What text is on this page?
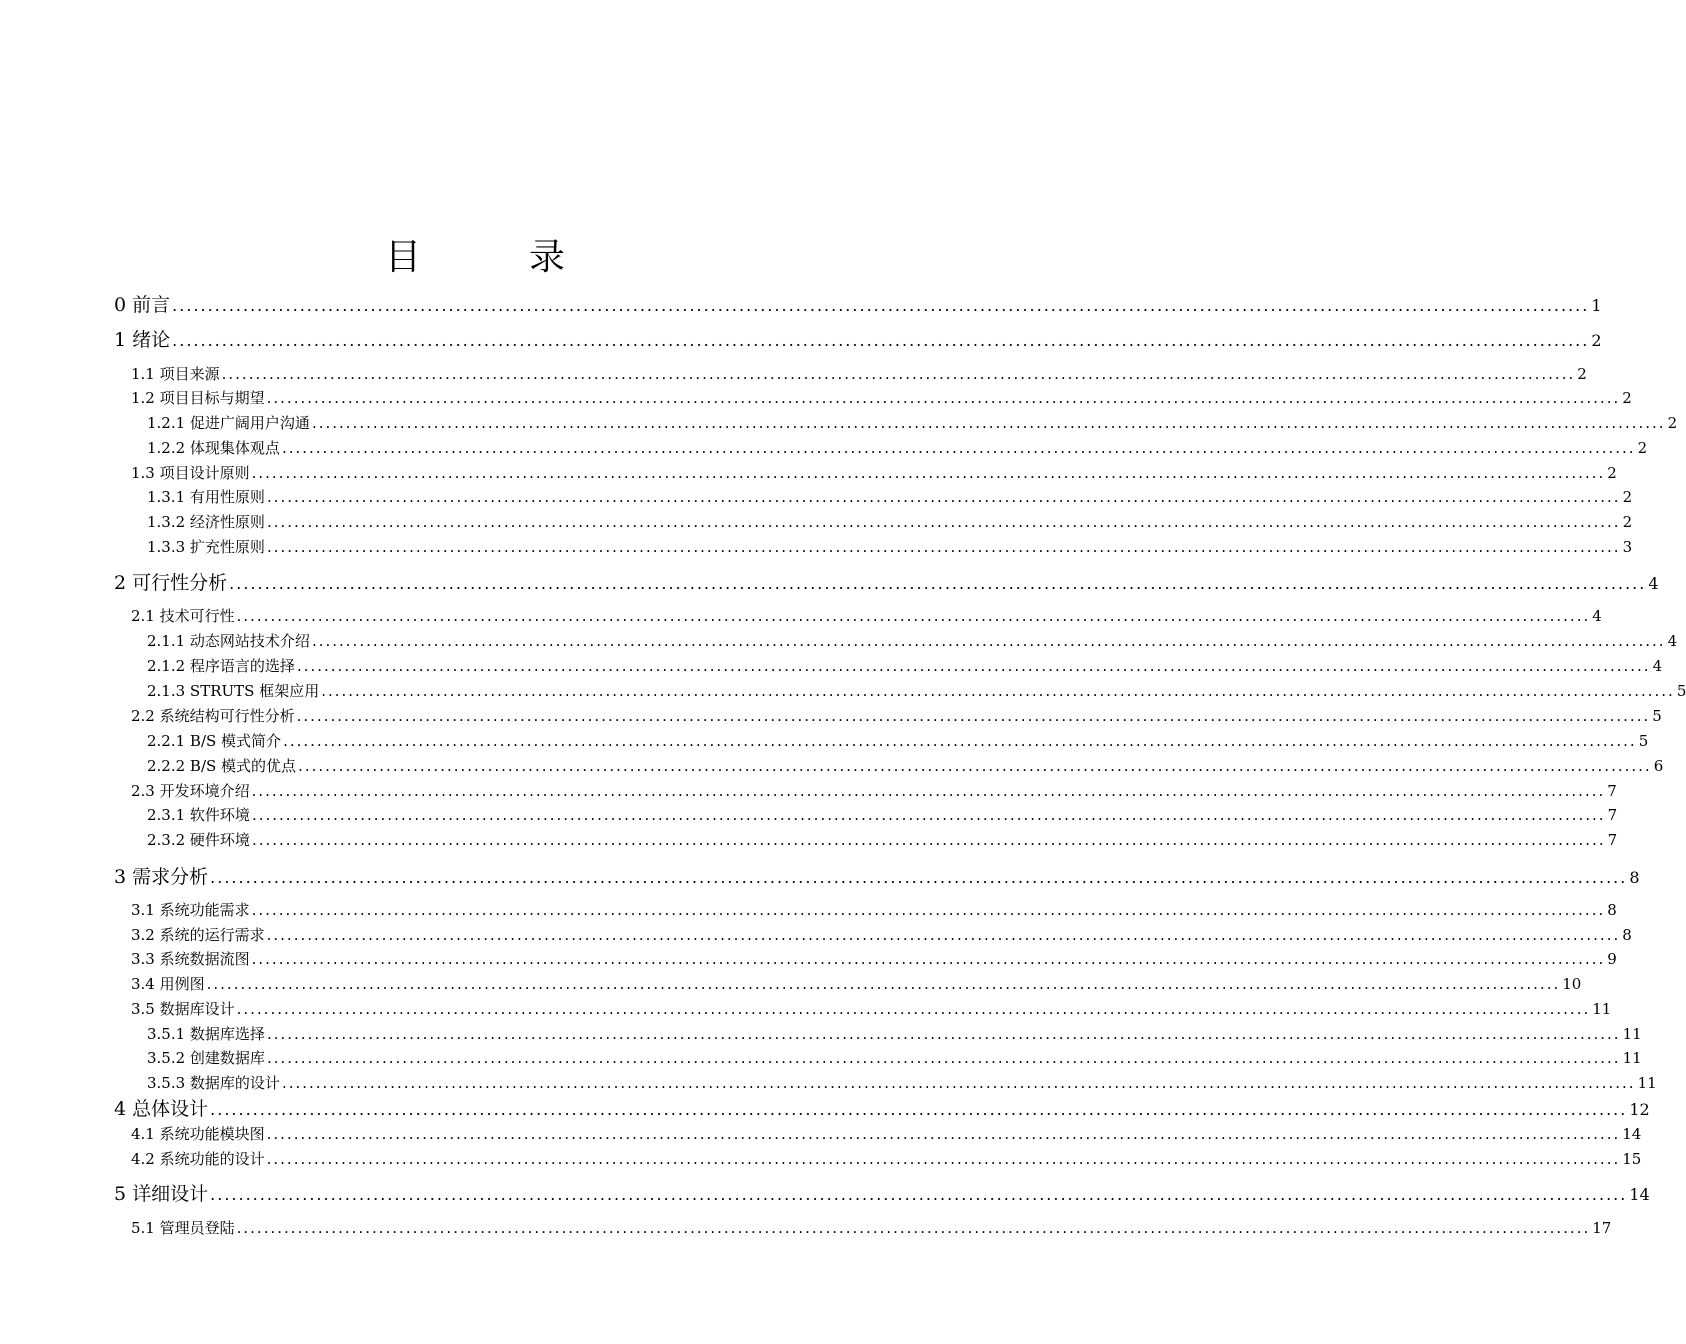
目　录
0 前言 ........................................................................................................................................................................................................ 1
1 绪论 ........................................................................................................................................................................................................ 2
1.1 项目来源 ........................................................................................................................................................................................................ 2
1.2 项目目标与期望 ........................................................................................................................................................................................................ 2
1.2.1 促进广阔用户沟通 ........................................................................................................................................................................................................ 2
1.2.2 体现集体观点 ........................................................................................................................................................................................................ 2
1.3 项目设计原则 ........................................................................................................................................................................................................ 2
1.3.1 有用性原则 ........................................................................................................................................................................................................ 2
1.3.2 经济性原则 ........................................................................................................................................................................................................ 2
1.3.3 扩充性原则 ........................................................................................................................................................................................................ 3
2 可行性分析 ........................................................................................................................................................................................................ 4
2.1 技术可行性 ........................................................................................................................................................................................................ 4
2.1.1 动态网站技术介绍 ........................................................................................................................................................................................................ 4
2.1.2 程序语言的选择 ........................................................................................................................................................................................................ 4
2.1.3 STRUTS 框架应用 ........................................................................................................................................................................................................ 5
2.2 系统结构可行性分析 ........................................................................................................................................................................................................ 5
2.2.1 B/S 模式简介 ........................................................................................................................................................................................................ 5
2.2.2 B/S 模式的优点 ........................................................................................................................................................................................................ 6
2.3 开发环境介绍 ........................................................................................................................................................................................................ 7
2.3.1 软件环境 ........................................................................................................................................................................................................ 7
2.3.2 硬件环境 ........................................................................................................................................................................................................ 7
3 需求分析 ........................................................................................................................................................................................................ 8
3.1 系统功能需求 ........................................................................................................................................................................................................ 8
3.2 系统的运行需求 ........................................................................................................................................................................................................ 8
3.3 系统数据流图 ........................................................................................................................................................................................................ 9
3.4 用例图 ........................................................................................................................................................................................................ 10
3.5 数据库设计 ........................................................................................................................................................................................................ 11
3.5.1 数据库选择 ........................................................................................................................................................................................................ 11
3.5.2 创建数据库 ........................................................................................................................................................................................................ 11
3.5.3 数据库的设计 ........................................................................................................................................................................................................ 11
4 总体设计 ........................................................................................................................................................................................................ 12
4.1 系统功能模块图 ........................................................................................................................................................................................................ 14
4.2 系统功能的设计 ........................................................................................................................................................................................................ 15
5 详细设计 ........................................................................................................................................................................................................ 14
5.1 管理员登陆 ........................................................................................................................................................................................................ 17
